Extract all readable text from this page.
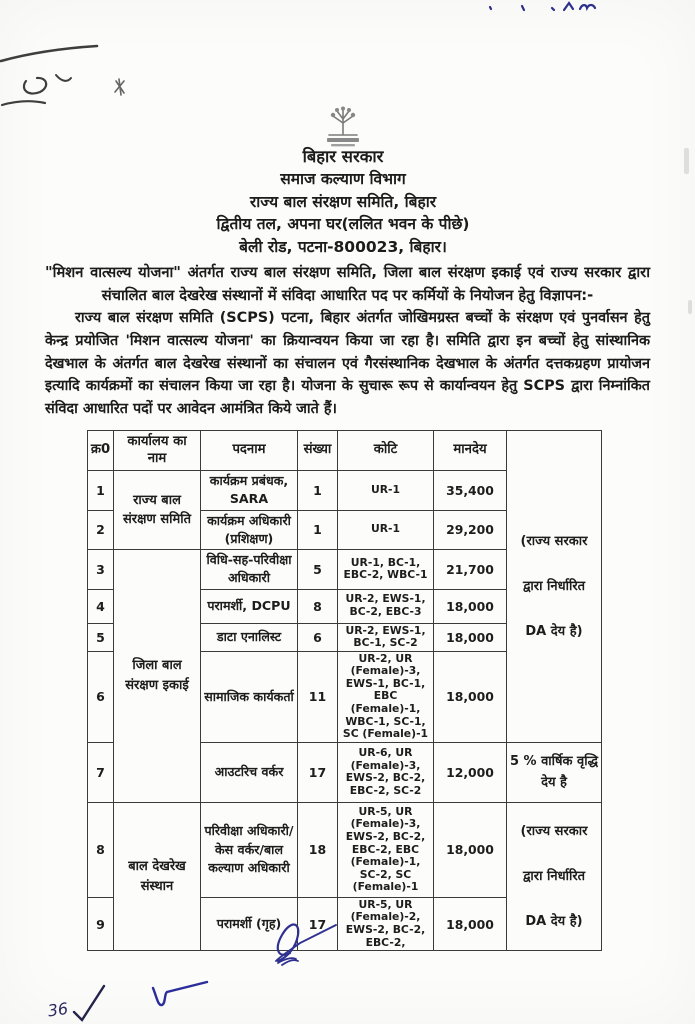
बिहार सरकार
समाज कल्याण विभाग
राज्य बाल संरक्षण समिति, बिहार
द्वितीय तल, अपना घर(ललित भवन के पीछे)
बेली रोड, पटना-800023, बिहार।

"मिशन वात्सल्य योजना" अंतर्गत राज्य बाल संरक्षण समिति, जिला बाल संरक्षण इकाई एवं राज्य सरकार द्वारा संचालित बाल देखरेख संस्थानों में संविदा आधारित पद पर कर्मियों के नियोजन हेतु विज्ञापन:-

राज्य बाल संरक्षण समिति (SCPS) पटना, बिहार अंतर्गत जोखिमग्रस्त बच्चों के संरक्षण एवं पुनर्वासन हेतु केन्द्र प्रयोजित 'मिशन वात्सल्य योजना' का क्रियान्वयन किया जा रहा है। समिति द्वारा इन बच्चों हेतु सांस्थानिक देखभाल के अंतर्गत बाल देखरेख संस्थानों का संचालन एवं गैरसंस्थानिक देखभाल के अंतर्गत दत्तकग्रहण प्रायोजन इत्यादि कार्यक्रमों का संचालन किया जा रहा है। योजना के सुचारू रूप से कार्यान्वयन हेतु SCPS द्वारा निम्नांकित संविदा आधारित पदों पर आवेदन आमंत्रित किये जाते हैं।

क्र0	कार्यालय का नाम	पदनाम	संख्या	कोटि	मानदेय	(राज्य सरकार
द्वारा निर्धारित
DA देय है)

1	राज्य बाल संरक्षण समिति	कार्यक्रम प्रबंधक, SARA	1	UR-1	35,400	
2		कार्यक्रम अधिकारी (प्रशिक्षण)	1	UR-1	29,200	
3	जिला बाल संरक्षण इकाई	विधि-सह-परिवीक्षा अधिकारी	5	UR-1, BC-1, EBC-2, WBC-1	21,700	
4		परामर्शी, DCPU	8	UR-2, EWS-1, BC-2, EBC-3	18,000	
5		डाटा एनालिस्ट	6	UR-2, EWS-1, BC-1, SC-2	18,000	
6		सामाजिक कार्यकर्ता	11	UR-2, UR (Female)-3, EWS-1, BC-1, EBC (Female)-1, WBC-1, SC-1, SC (Female)-1	18,000	
7		आउटरिच वर्कर	17	UR-6, UR (Female)-3, EWS-2, BC-2, EBC-2, SC-2	12,000	5 % वार्षिक वृद्धि
देय है

8	बाल देखरेख संस्थान	परिवीक्षा अधिकारी/ केस वर्कर/बाल कल्याण अधिकारी	18	UR-5, UR (Female)-3, EWS-2, BC-2, EBC-2, EBC (Female)-1, SC-2, SC (Female)-1	18,000	(राज्य सरकार
द्वारा निर्धारित
DA देय है)

9		परामर्शी (गृह)	17	UR-5, UR (Female)-2, EWS-2, BC-2, EBC-2,	18,000	
36
